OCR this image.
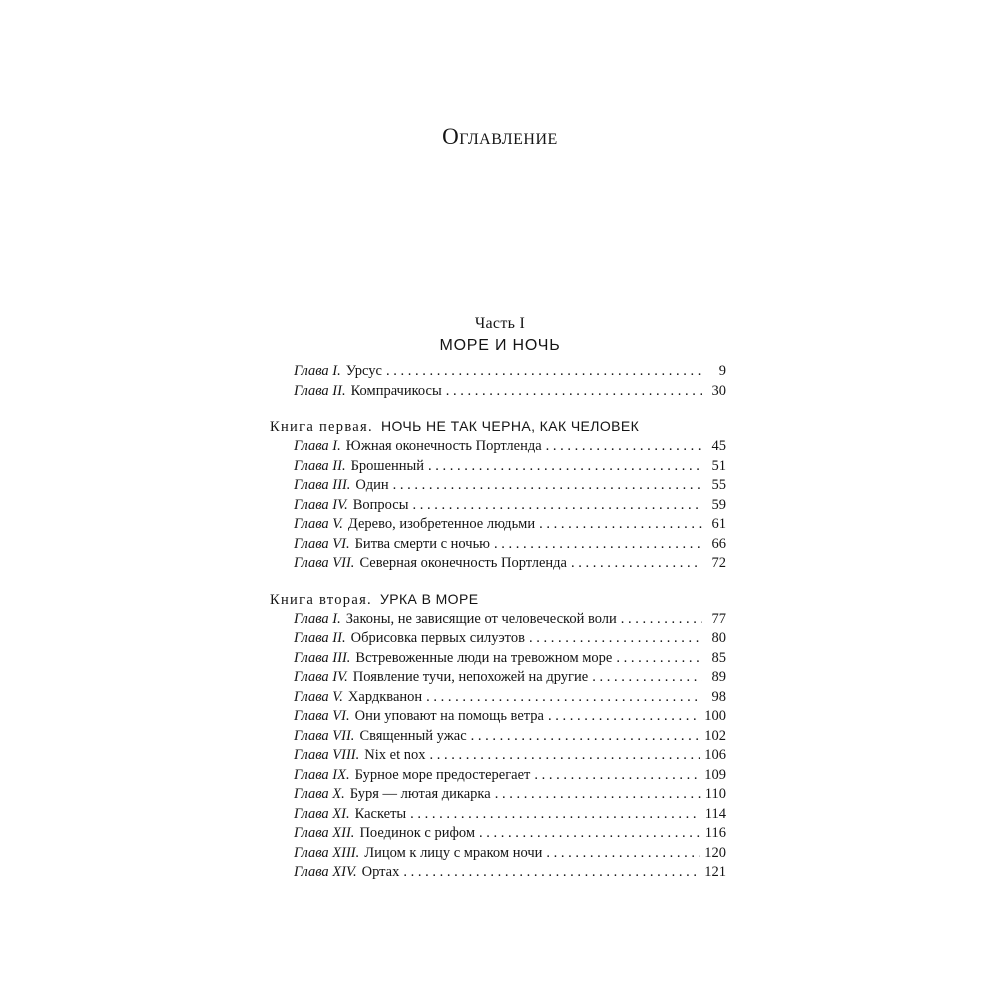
Оглавление
Часть I
МОРЕ И НОЧЬ
Глава I. Урсус . . .	9
Глава II. Компрачикосы . . .	30
Книга первая. НОЧЬ НЕ ТАК ЧЕРНА, КАК ЧЕЛОВЕК
Глава I. Южная оконечность Портленда . . .	45
Глава II. Брошенный . . .	51
Глава III. Один . . .	55
Глава IV. Вопросы . . .	59
Глава V. Дерево, изобретенное людьми . . .	61
Глава VI. Битва смерти с ночью . . .	66
Глава VII. Северная оконечность Портленда . . .	72
Книга вторая. УРКА В МОРЕ
Глава I. Законы, не зависящие от человеческой воли . . .	77
Глава II. Обрисовка первых силуэтов . . .	80
Глава III. Встревоженные люди на тревожном море . . .	85
Глава IV. Появление тучи, непохожей на другие . . .	89
Глава V. Хардкванон . . .	98
Глава VI. Они уповают на помощь ветра . . .	100
Глава VII. Священный ужас . . .	102
Глава VIII. Nix et nox . . .	106
Глава IX. Бурное море предостерегает . . .	109
Глава X. Буря — лютая дикарка . . .	110
Глава XI. Каскеты . . .	114
Глава XII. Поединок с рифом . . .	116
Глава XIII. Лицом к лицу с мраком ночи . . .	120
Глава XIV. Ортах . . .	121
